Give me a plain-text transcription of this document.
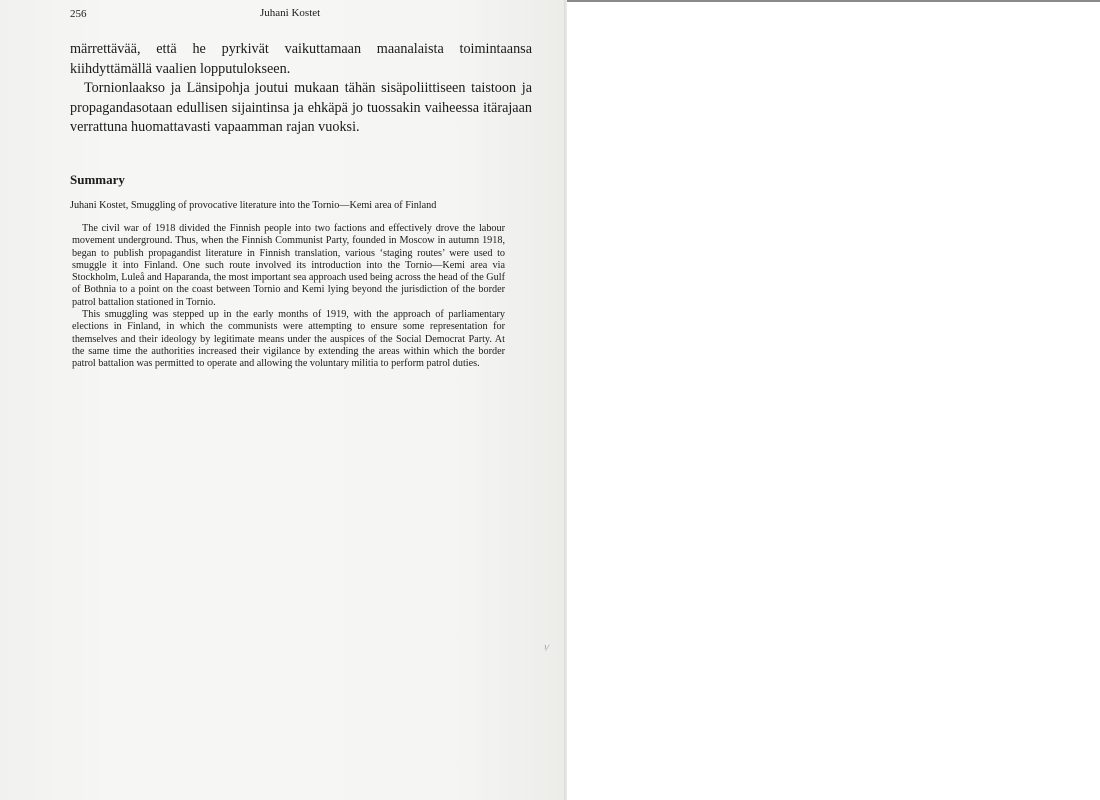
256	Juhani Kostet

märrettävää, että he pyrkivät vaikuttamaan maanalaista toimintaansa kiihdyttämällä vaalien lopputulokseen.

Tornionlaakso ja Länsipohja joutui mukaan tähän sisäpoliittiseen taistoon ja propagandasotaan edullisen sijaintinsa ja ehkäpä jo tuossakin vaiheessa itärajaan verrattuna huomattavasti vapaamman rajan vuoksi.

Summary
Juhani Kostet, Smuggling of provocative literature into the Tornio—Kemi area of Finland

The civil war of 1918 divided the Finnish people into two factions and effectively drove the labour movement underground. Thus, when the Finnish Communist Party, founded in Moscow in autumn 1918, began to publish propagandist literature in Finnish translation, various ‘staging routes’ were used to smuggle it into Finland. One such route involved its introduction into the Tornio—Kemi area via Stockholm, Luleå and Haparanda, the most important sea approach used being across the head of the Gulf of Bothnia to a point on the coast between Tornio and Kemi lying beyond the jurisdiction of the border patrol battalion stationed in Tornio.

This smuggling was stepped up in the early months of 1919, with the approach of parliamentary elections in Finland, in which the communists were attempting to ensure some representation for themselves and their ideology by legitimate means under the auspices of the Social Democrat Party. At the same time the authorities increased their vigilance by extending the areas within which the border patrol battalion was permitted to operate and allowing the voluntary militia to perform patrol duties.

¹⁄
